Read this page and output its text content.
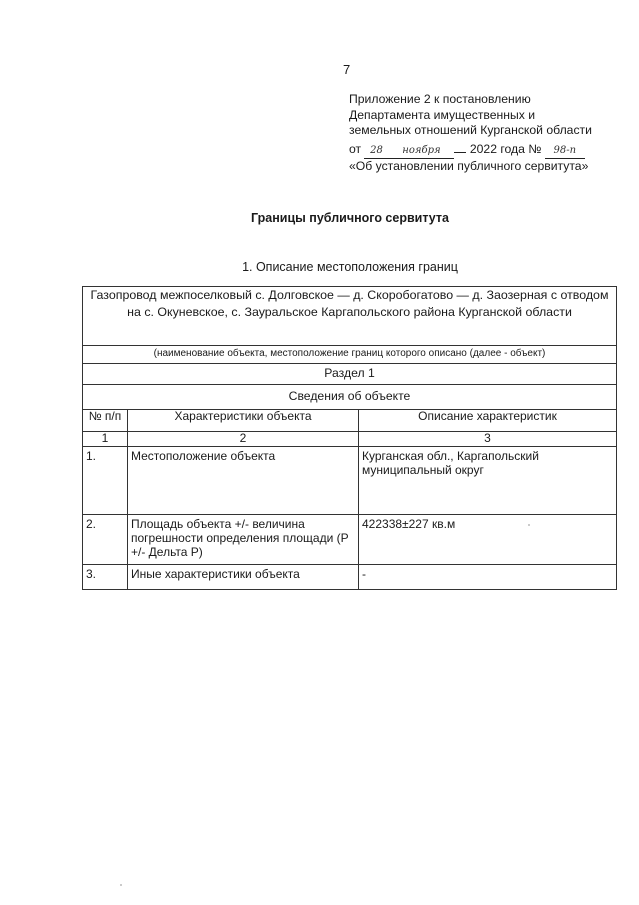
7
Приложение 2 к постановлению
Департамента имущественных и
земельных отношений Курганской области
от 28 ноября 2022 года № 98-п
«Об установлении публичного сервитута»
Границы публичного сервитута
1. Описание местоположения границ
Газопровод межпоселковый с. Долговское — д. Скоробогатово — д. Заозерная с отводом на с. Окуневское, с. Зауральское Каргапольского района Курганской области		
(наименование объекта, местоположение границ которого описано (далее - объект)		
Раздел 1		
Сведения об объекте		
№ п/п	Характеристики объекта	Описание характеристик
1	2	3
1.	Местоположение объекта	Курганская обл., Каргапольский муниципальный округ
2.	Площадь объекта +/- величина погрешности определения площади (Р +/- Дельта Р)	422338±227 кв.м
3.	Иные характеристики объекта	-
